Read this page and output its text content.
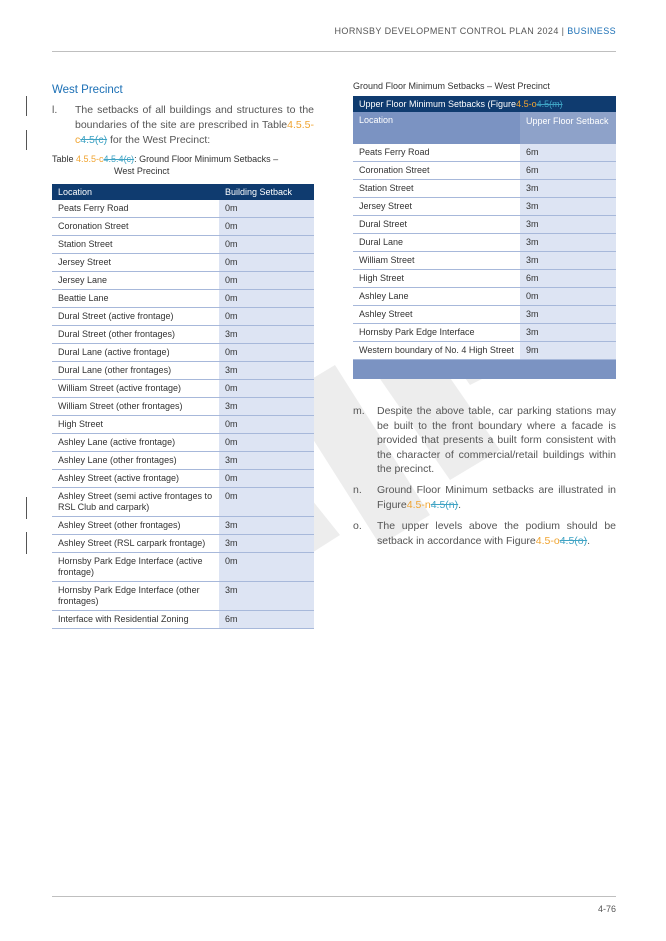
HORNSBY DEVELOPMENT CONTROL PLAN 2024 | BUSINESS
West Precinct
l. The setbacks of all buildings and structures to the boundaries of the site are prescribed in Table4.5.5-c4.5(c) for the West Precinct:
Table 4.5.5-c4.5.4(c): Ground Floor Minimum Setbacks –
West Precinct
Location	Building Setback
Peats Ferry Road	0m
Coronation Street	0m
Station Street	0m
Jersey Street	0m
Jersey Lane	0m
Beattie Lane	0m
Dural Street (active frontage)	0m
Dural Street (other frontages)	3m
Dural Lane (active frontage)	0m
Dural Lane (other frontages)	3m
William Street (active frontage)	0m
William Street (other frontages)	3m
High Street	0m
Ashley Lane (active frontage)	0m
Ashley Lane (other frontages)	3m
Ashley Street (active frontage)	0m
Ashley Street (semi active frontages to RSL Club and carpark)	0m
Ashley Street (other frontages)	3m
Ashley Street (RSL carpark frontage)	3m
Hornsby Park Edge Interface (active frontage)	0m
Hornsby Park Edge Interface (other frontages)	3m
Interface with Residential Zoning	6m
Ground Floor Minimum Setbacks – West Precinct
Upper Floor Minimum Setbacks (Figure4.5-o4.5(m)	
Location	Upper Floor Setback
Peats Ferry Road	6m
Coronation Street	6m
Station Street	3m
Jersey Street	3m
Dural Street	3m
Dural Lane	3m
William Street	3m
High Street	6m
Ashley Lane	0m
Ashley Street	3m
Hornsby Park Edge Interface	3m
Western boundary of No. 4 High Street	9m

m. Despite the above table, car parking stations may be built to the front boundary where a facade is provided that presents a built form consistent with the character of commercial/retail buildings within the precinct.
n. Ground Floor Minimum setbacks are illustrated in Figure4.5-n4.5(n).
o. The upper levels above the podium should be setback in accordance with Figure4.5-o4.5(o).
4-76
